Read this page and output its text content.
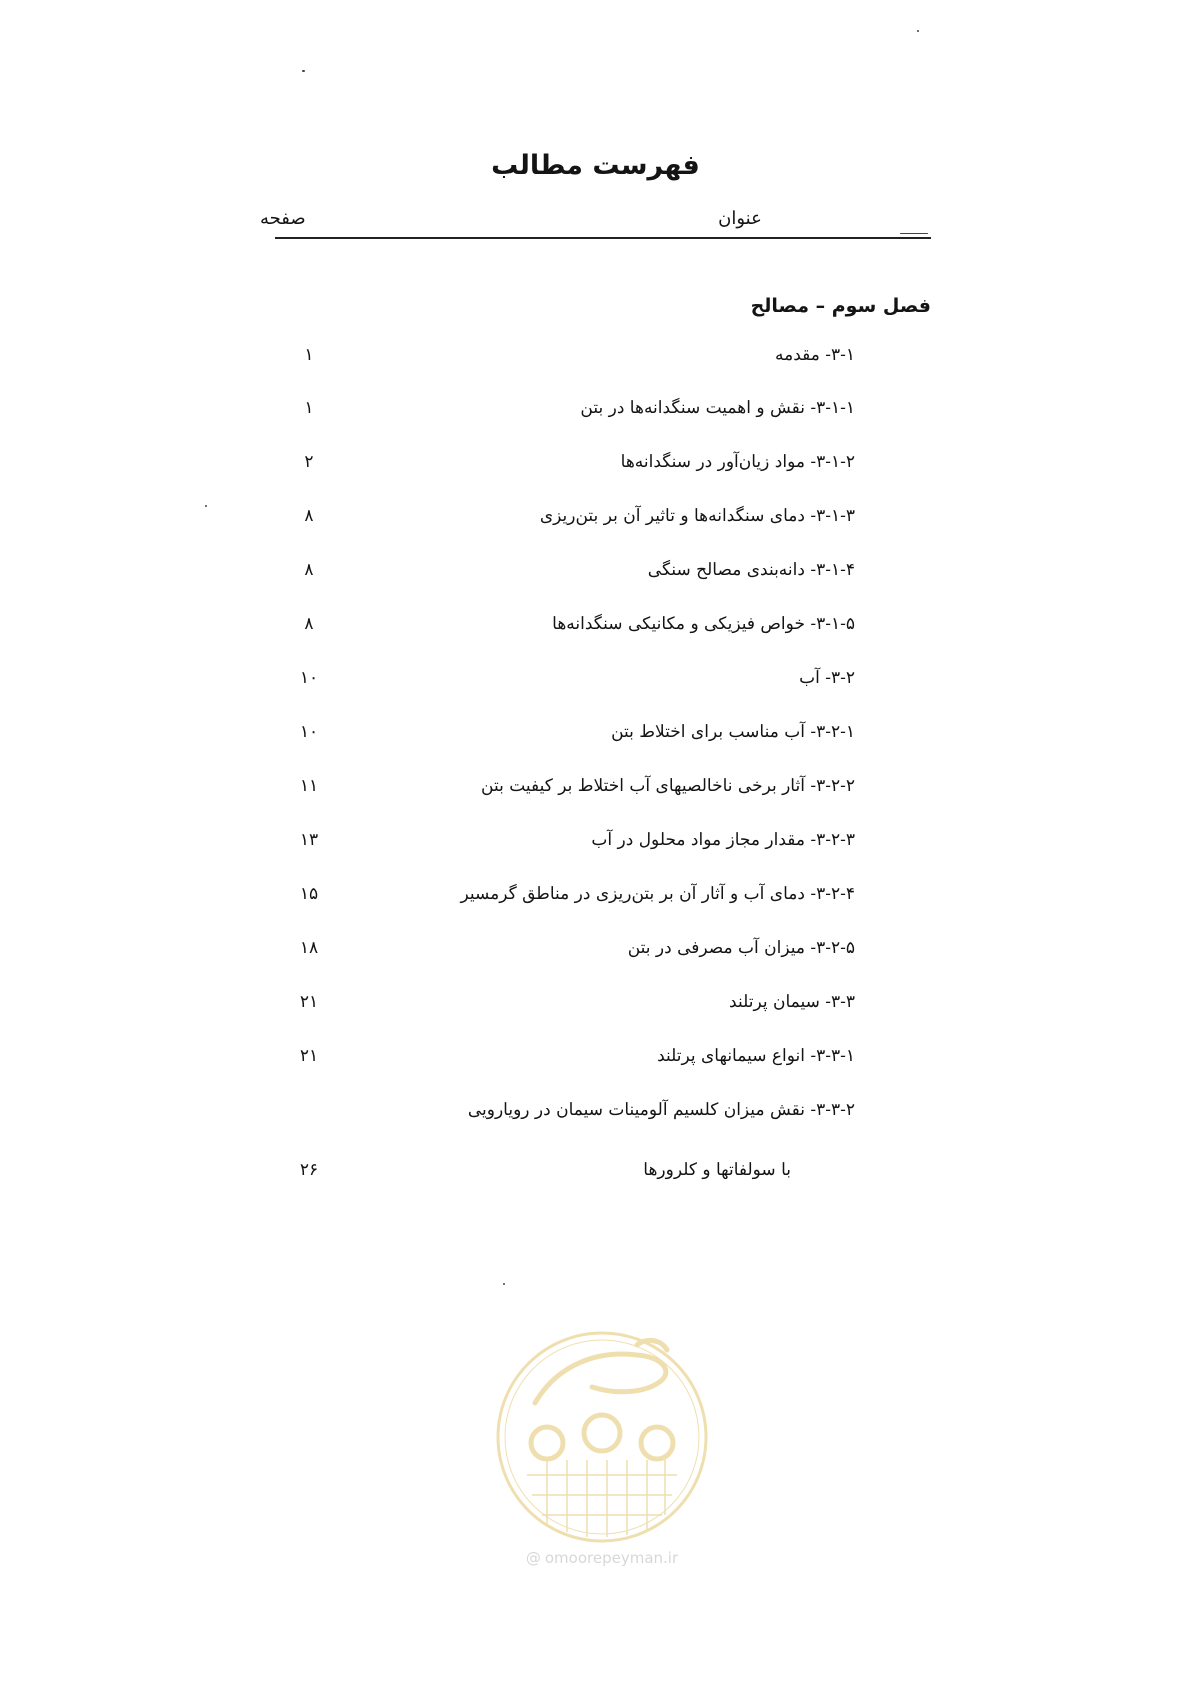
فهرست مطالب
عنوان
صفحه
فصل سوم – مصالح
۳-۱- مقدمه
۱
۳-۱-۱- نقش و اهمیت سنگدانه‌ها در بتن
۱
۳-۱-۲- مواد زیان‌آور در سنگدانه‌ها
۲
۳-۱-۳- دمای سنگدانه‌ها و تاثیر آن بر بتن‌ریزی
۸
۳-۱-۴- دانه‌بندی مصالح سنگی
۸
۳-۱-۵- خواص فیزیکی و مکانیکی سنگدانه‌ها
۸
۳-۲- آب
۱۰
۳-۲-۱- آب مناسب برای اختلاط بتن
۱۰
۳-۲-۲- آثار برخی ناخالصیهای آب اختلاط بر کیفیت بتن
۱۱
۳-۲-۳- مقدار مجاز مواد محلول در آب
۱۳
۳-۲-۴- دمای آب و آثار آن بر بتن‌ریزی در مناطق گرمسیر
۱۵
۳-۲-۵- میزان آب مصرفی در بتن
۱۸
۳-۳- سیمان پرتلند
۲۱
۳-۳-۱- انواع سیمانهای پرتلند
۲۱
۳-۳-۲- نقش میزان کلسیم آلومینات سیمان در رویارویی
با سولفاتها و کلرورها
۲۶
@ omoorepeyman.ir
